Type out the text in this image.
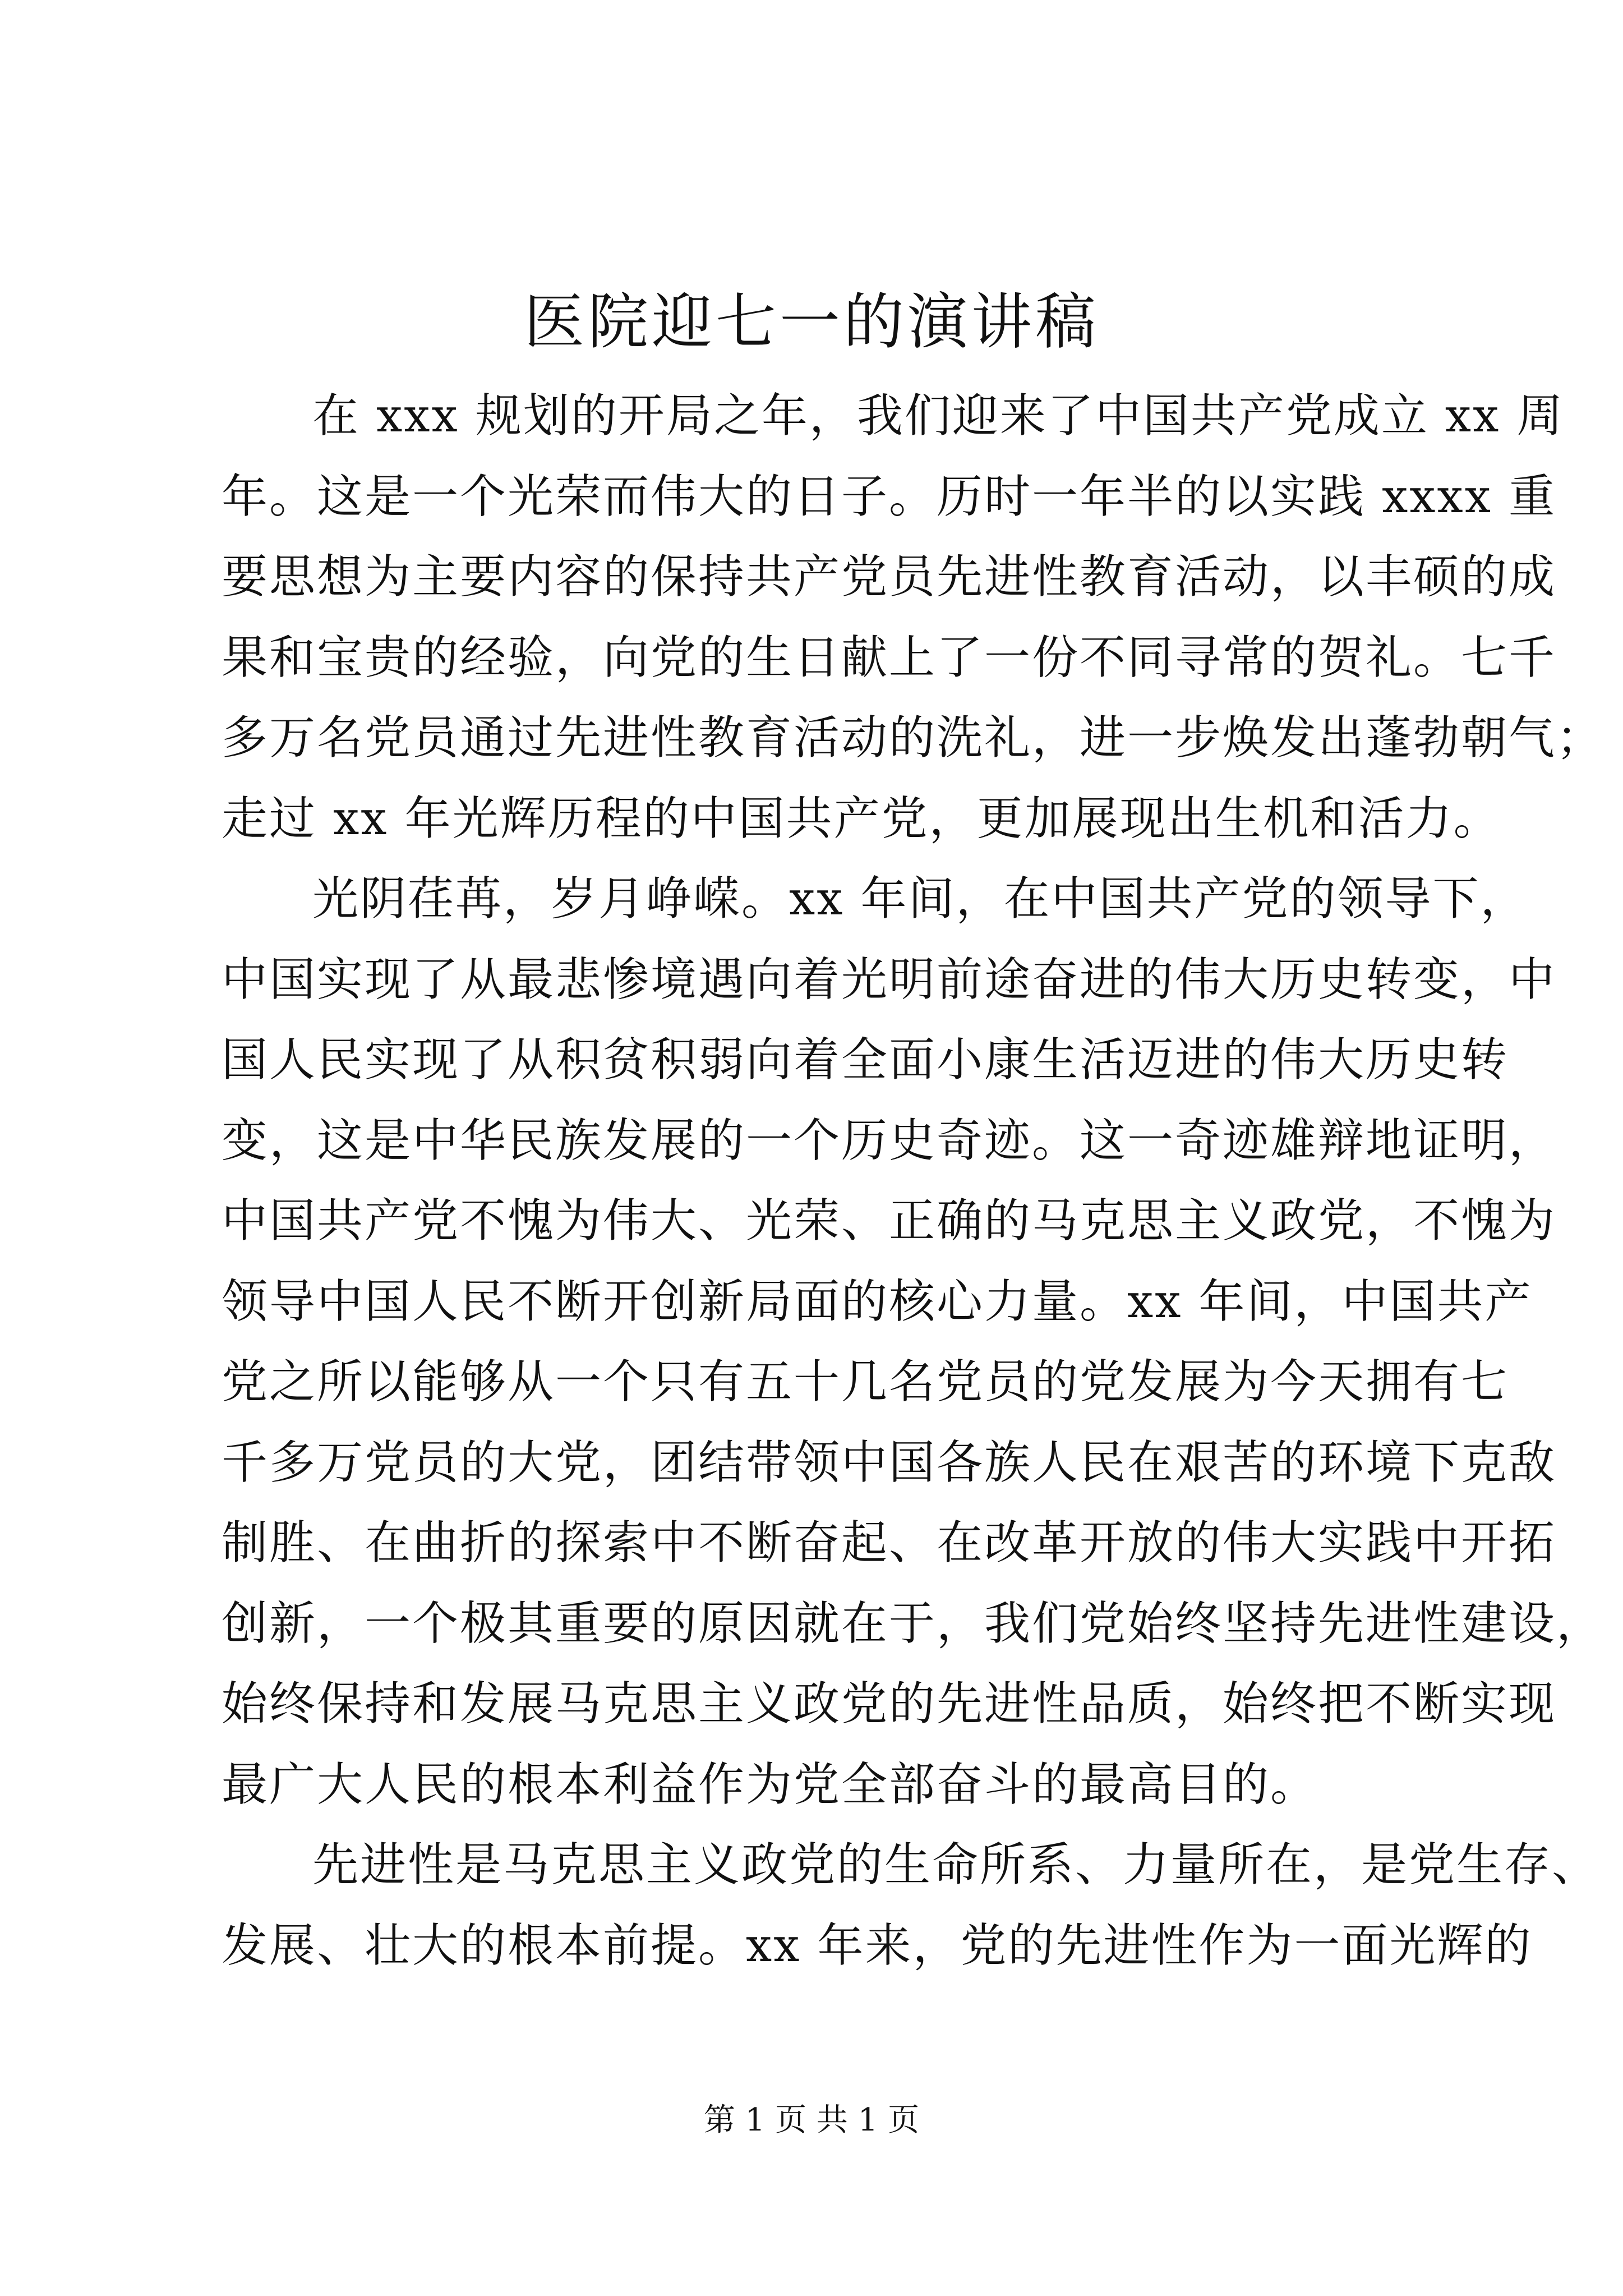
医院迎七一的演讲稿
在 xxx 规划的开局之年，我们迎来了中国共产党成立 xx 周
年。这是一个光荣而伟大的日子。历时一年半的以实践 xxxx 重
要思想为主要内容的保持共产党员先进性教育活动，以丰硕的成
果和宝贵的经验，向党的生日献上了一份不同寻常的贺礼。七千
多万名党员通过先进性教育活动的洗礼，进一步焕发出蓬勃朝气；
走过 xx 年光辉历程的中国共产党，更加展现出生机和活力。
光阴荏苒，岁月峥嵘。xx 年间，在中国共产党的领导下，
中国实现了从最悲惨境遇向着光明前途奋进的伟大历史转变，中
国人民实现了从积贫积弱向着全面小康生活迈进的伟大历史转
变，这是中华民族发展的一个历史奇迹。这一奇迹雄辩地证明，
中国共产党不愧为伟大、光荣、正确的马克思主义政党，不愧为
领导中国人民不断开创新局面的核心力量。xx 年间，中国共产
党之所以能够从一个只有五十几名党员的党发展为今天拥有七
千多万党员的大党，团结带领中国各族人民在艰苦的环境下克敌
制胜、在曲折的探索中不断奋起、在改革开放的伟大实践中开拓
创新，一个极其重要的原因就在于，我们党始终坚持先进性建设，
始终保持和发展马克思主义政党的先进性品质，始终把不断实现
最广大人民的根本利益作为党全部奋斗的最高目的。
先进性是马克思主义政党的生命所系、力量所在，是党生存、
发展、壮大的根本前提。xx 年来，党的先进性作为一面光辉的
第 1 页 共 1 页
